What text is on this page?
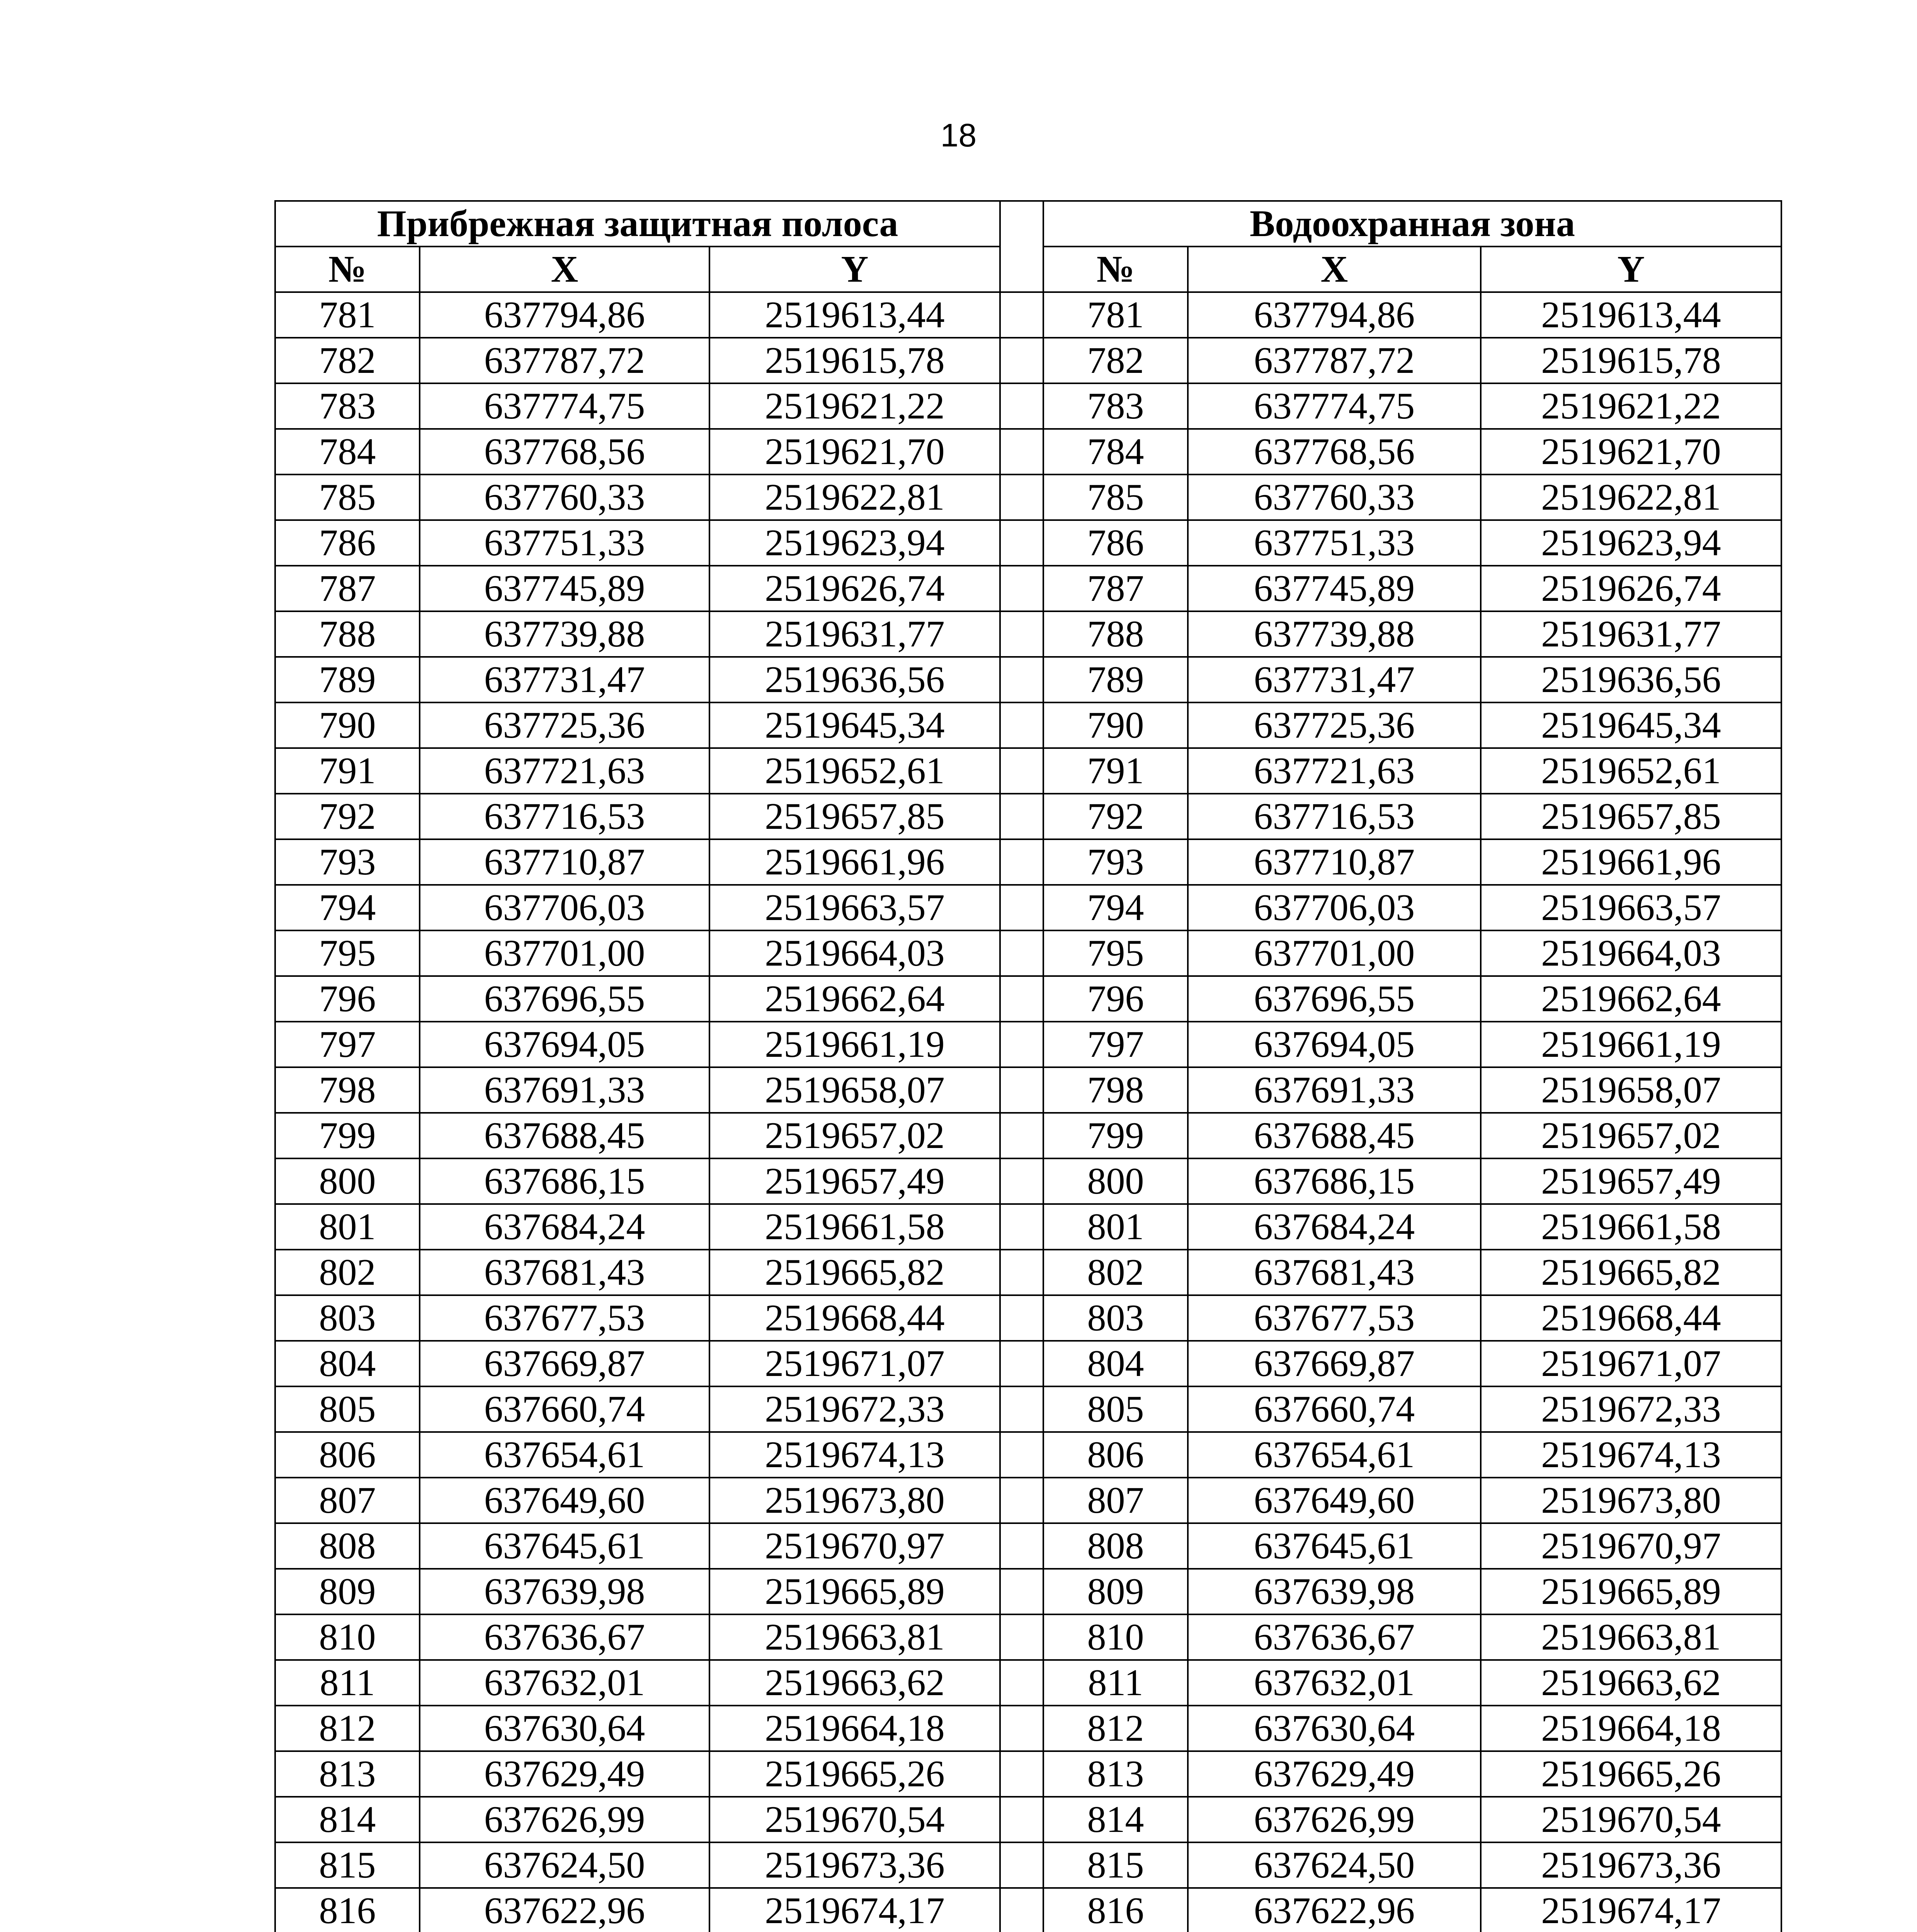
18
Прибрежная защитная полоса				Водоохранная зона		
№	X	Y		№	X	Y
781	637794,86	2519613,44		781	637794,86	2519613,44
782	637787,72	2519615,78		782	637787,72	2519615,78
783	637774,75	2519621,22		783	637774,75	2519621,22
784	637768,56	2519621,70		784	637768,56	2519621,70
785	637760,33	2519622,81		785	637760,33	2519622,81
786	637751,33	2519623,94		786	637751,33	2519623,94
787	637745,89	2519626,74		787	637745,89	2519626,74
788	637739,88	2519631,77		788	637739,88	2519631,77
789	637731,47	2519636,56		789	637731,47	2519636,56
790	637725,36	2519645,34		790	637725,36	2519645,34
791	637721,63	2519652,61		791	637721,63	2519652,61
792	637716,53	2519657,85		792	637716,53	2519657,85
793	637710,87	2519661,96		793	637710,87	2519661,96
794	637706,03	2519663,57		794	637706,03	2519663,57
795	637701,00	2519664,03		795	637701,00	2519664,03
796	637696,55	2519662,64		796	637696,55	2519662,64
797	637694,05	2519661,19		797	637694,05	2519661,19
798	637691,33	2519658,07		798	637691,33	2519658,07
799	637688,45	2519657,02		799	637688,45	2519657,02
800	637686,15	2519657,49		800	637686,15	2519657,49
801	637684,24	2519661,58		801	637684,24	2519661,58
802	637681,43	2519665,82		802	637681,43	2519665,82
803	637677,53	2519668,44		803	637677,53	2519668,44
804	637669,87	2519671,07		804	637669,87	2519671,07
805	637660,74	2519672,33		805	637660,74	2519672,33
806	637654,61	2519674,13		806	637654,61	2519674,13
807	637649,60	2519673,80		807	637649,60	2519673,80
808	637645,61	2519670,97		808	637645,61	2519670,97
809	637639,98	2519665,89		809	637639,98	2519665,89
810	637636,67	2519663,81		810	637636,67	2519663,81
811	637632,01	2519663,62		811	637632,01	2519663,62
812	637630,64	2519664,18		812	637630,64	2519664,18
813	637629,49	2519665,26		813	637629,49	2519665,26
814	637626,99	2519670,54		814	637626,99	2519670,54
815	637624,50	2519673,36		815	637624,50	2519673,36
816	637622,96	2519674,17		816	637622,96	2519674,17
